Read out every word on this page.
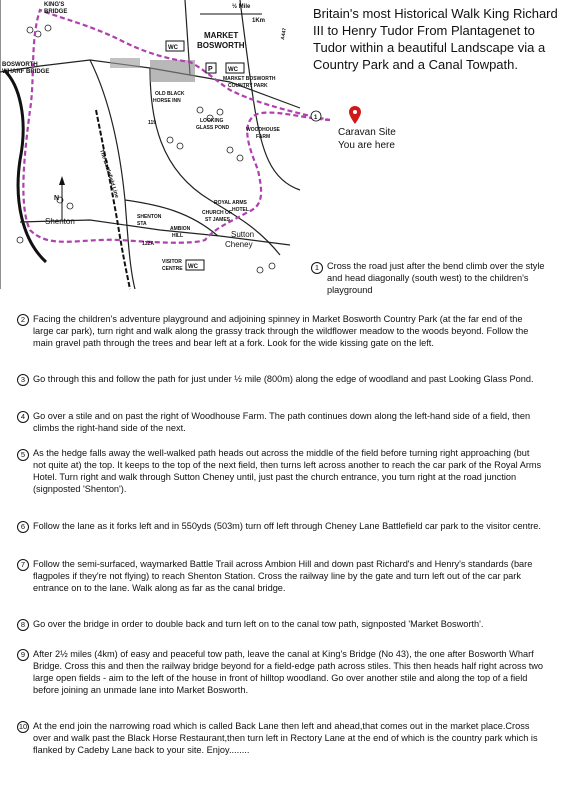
KING'S
BRIDGE
½ Mile
1Km
MARKET
BOSWORTH
BOSWORTH
WHARF BRIDGE
WC
P	WC
MARKET BOSWORTH
COUNTRY PARK
OLD BLACK
HORSE INN
119
A447
LOOKING
GLASS POND	WOODHOUSE
FARM
The Battlefield Line
N
ROYAL ARMS
HOTEL
CHURCH OF
ST JAMES
Shenton	SHENTON
STA
AMBION
HILL	Sutton
Cheney
132A
VISITOR
CENTRE WC
1
Britain's most Historical Walk King Richard III to Henry Tudor From Plantagenet to Tudor within a beautiful Landscape via a Country Park and a Canal Towpath.
Caravan Site
You are here
1 Cross the road just after the bend climb over the style and head diagonally (south west) to the children's playground
2 Facing the children's adventure playground and adjoining spinney in Market Bosworth Country Park (at the far end of the large car park), turn right and walk along the grassy track through the wildflower meadow to the woods beyond. Follow the main gravel path through the trees and bear left at a fork. Look for the wide kissing gate on the left.
3 Go through this and follow the path for just under ½ mile (800m) along the edge of woodland and past Looking Glass Pond.
4 Go over a stile and on past the right of Woodhouse Farm. The path continues down along the left-hand side of a field, then climbs the right-hand side of the next.
5 As the hedge falls away the well-walked path heads out across the middle of the field before turning right approaching (but not quite at) the top. It keeps to the top of the next field, then turns left across another to reach the car park of the Royal Arms Hotel. Turn right and walk through Sutton Cheney until, just past the church entrance, you turn right at the road junction (signposted 'Shenton').
6 Follow the lane as it forks left and in 550yds (503m) turn off left through Cheney Lane Battlefield car park to the visitor centre.
7 Follow the semi-surfaced, waymarked Battle Trail across Ambion Hill and down past Richard's and Henry's standards (bare flagpoles if they're not flying) to reach Shenton Station. Cross the railway line by the gate and turn left out of the car park entrance on to the lane. Walk along as far as the canal bridge.
8 Go over the bridge in order to double back and turn left on to the canal tow path, signposted 'Market Bosworth'.
9 After 2½ miles (4km) of easy and peaceful tow path, leave the canal at King's Bridge (No 43), the one after Bosworth Wharf Bridge. Cross this and then the railway bridge beyond for a field-edge path across stiles. This then heads half right across two large open fields - aim to the left of the house in front of hilltop woodland. Go over another stile and along the top of a field before joining an unmade lane into Market Bosworth.
10 At the end join the narrowing road which is called Back Lane then left and ahead,that comes out in the market place.Cross over and walk past the Black Horse Restaurant,then turn left in Rectory Lane at the end of which is the country park which is flanked by Cadeby Lane back to your site. Enjoy........
